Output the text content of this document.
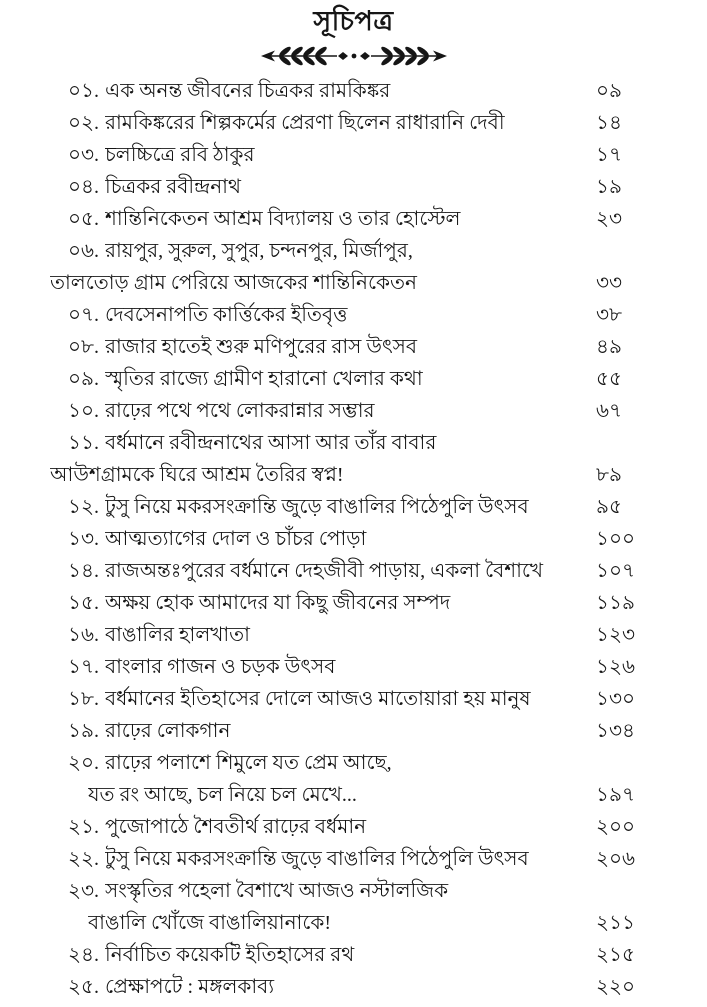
সূচিপত্র
০১. এক অনন্ত জীবনের চিত্রকর রামকিঙ্কর	০৯
০২. রামকিঙ্করের শিল্পকর্মের প্রেরণা ছিলেন রাধারানি দেবী	১৪
০৩. চলচ্চিত্রে রবি ঠাকুর	১৭
০৪. চিত্রকর রবীন্দ্রনাথ	১৯
০৫. শান্তিনিকেতন আশ্রম বিদ্যালয় ও তার হোস্টেল	২৩
০৬. রায়পুর, সুরুল, সুপুর, চন্দনপুর, মির্জাপুর,
তালতোড় গ্রাম পেরিয়ে আজকের শান্তিনিকেতন	৩৩
০৭. দেবসেনাপতি কার্ত্তিকের ইতিবৃত্ত	৩৮
০৮. রাজার হাতেই শুরু মণিপুরের রাস উৎসব	৪৯
০৯. স্মৃতির রাজ্যে গ্রামীণ হারানো খেলার কথা	৫৫
১০. রাঢ়ের পথে পথে লোকরান্নার সম্ভার	৬৭
১১. বর্ধমানে রবীন্দ্রনাথের আসা আর তাঁর বাবার
আউশগ্রামকে ঘিরে আশ্রম তৈরির স্বপ্ন!	৮৯
১২. টুসু নিয়ে মকরসংক্রান্তি জুড়ে বাঙালির পিঠেপুলি উৎসব	৯৫
১৩. আত্মত্যাগের দোল ও চাঁচর পোড়া	১০০
১৪. রাজঅন্তঃপুরের বর্ধমানে দেহজীবী পাড়ায়, একলা বৈশাখে	১০৭
১৫. অক্ষয় হোক আমাদের যা কিছু জীবনের সম্পদ	১১৯
১৬. বাঙালির হালখাতা	১২৩
১৭. বাংলার গাজন ও চড়ক উৎসব	১২৬
১৮. বর্ধমানের ইতিহাসের দোলে আজও মাতোয়ারা হয় মানুষ	১৩০
১৯. রাঢ়ের লোকগান	১৩৪
২০. রাঢ়ের পলাশে শিমুলে যত প্রেম আছে,
যত রং আছে, চল নিয়ে চল মেখে...	১৯৭
২১. পুজোপাঠে শৈবতীর্থ রাঢ়ের বর্ধমান	২০০
২২. টুসু নিয়ে মকরসংক্রান্তি জুড়ে বাঙালির পিঠেপুলি উৎসব	২০৬
২৩. সংস্কৃতির পহেলা বৈশাখে আজও নস্টালজিক
বাঙালি খোঁজে বাঙালিয়ানাকে!	২১১
২৪. নির্বাচিত কয়েকটি ইতিহাসের রথ	২১৫
২৫. প্রেক্ষাপটে : মঙ্গলকাব্য	২২০
